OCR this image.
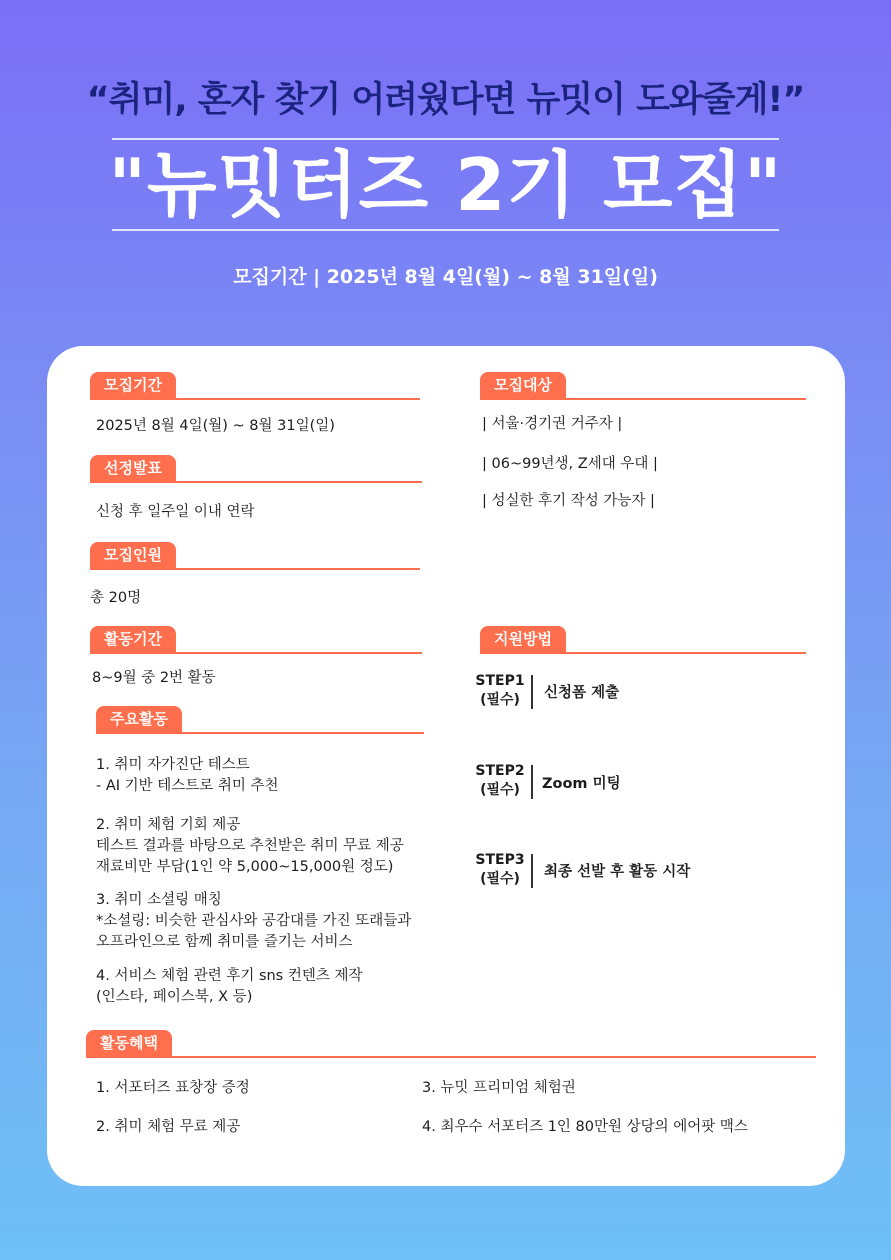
“취미, 혼자 찾기 어려웠다면 뉴밋이 도와줄게!”
"뉴밋터즈 2기 모집"
모집기간 | 2025년 8월 4일(월) ~ 8월 31일(일)
모집기간
2025년 8월 4일(월) ~ 8월 31일(일)
선정발표
신청 후 일주일 이내 연락
모집인원
총 20명
활동기간
8~9월 중 2번 활동
주요활동
1. 취미 자가진단 테스트
- AI 기반 테스트로 취미 추천
2. 취미 체험 기회 제공
테스트 결과를 바탕으로 추천받은 취미 무료 제공
재료비만 부담(1인 약 5,000~15,000원 정도)
3. 취미 소셜링 매칭
*소셜링: 비슷한 관심사와 공감대를 가진 또래들과
오프라인으로 함께 취미를 즐기는 서비스
4. 서비스 체험 관련 후기 sns 컨텐츠 제작
(인스타, 페이스북, X 등)
모집대상
| 서울·경기권 거주자 |
| 06~99년생, Z세대 우대 |
| 성실한 후기 작성 가능자 |
지원방법
STEP1
(필수)	신청폼 제출
STEP2
(필수)	Zoom 미팅
STEP3
(필수)	최종 선발 후 활동 시작
활동혜택
1. 서포터즈 표창장 증정
2. 취미 체험 무료 제공
3. 뉴밋 프리미엄 체험권
4. 최우수 서포터즈 1인 80만원 상당의 에어팟 맥스
